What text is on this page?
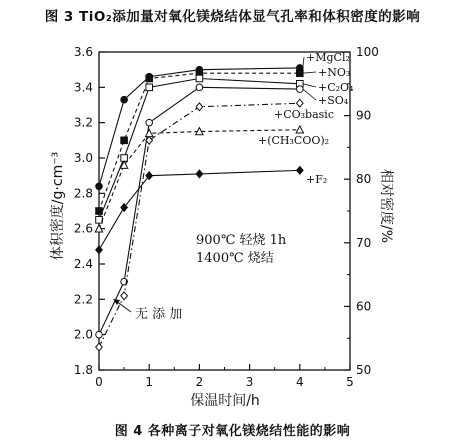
图 3 TiO₂添加量对氧化镁烧结体显气孔率和体积密度的影响
0	1	2	3	4	5
1.8
2.0
2.2
2.4
2.6
2.8
3.0
3.2
3.4
3.6
50
60
70
80
90
100
+MgCl₂
+NO₃
+C₂O₄
+SO₄
+CO₃basic
+(CH₃COO)₂
+F₂
900℃ 轻烧 1h
1400℃ 烧结
无 添 加
保温时间/h
体积密度/g·cm⁻³	相对密度/%
图 4 各种离子对氧化镁烧结性能的影响
